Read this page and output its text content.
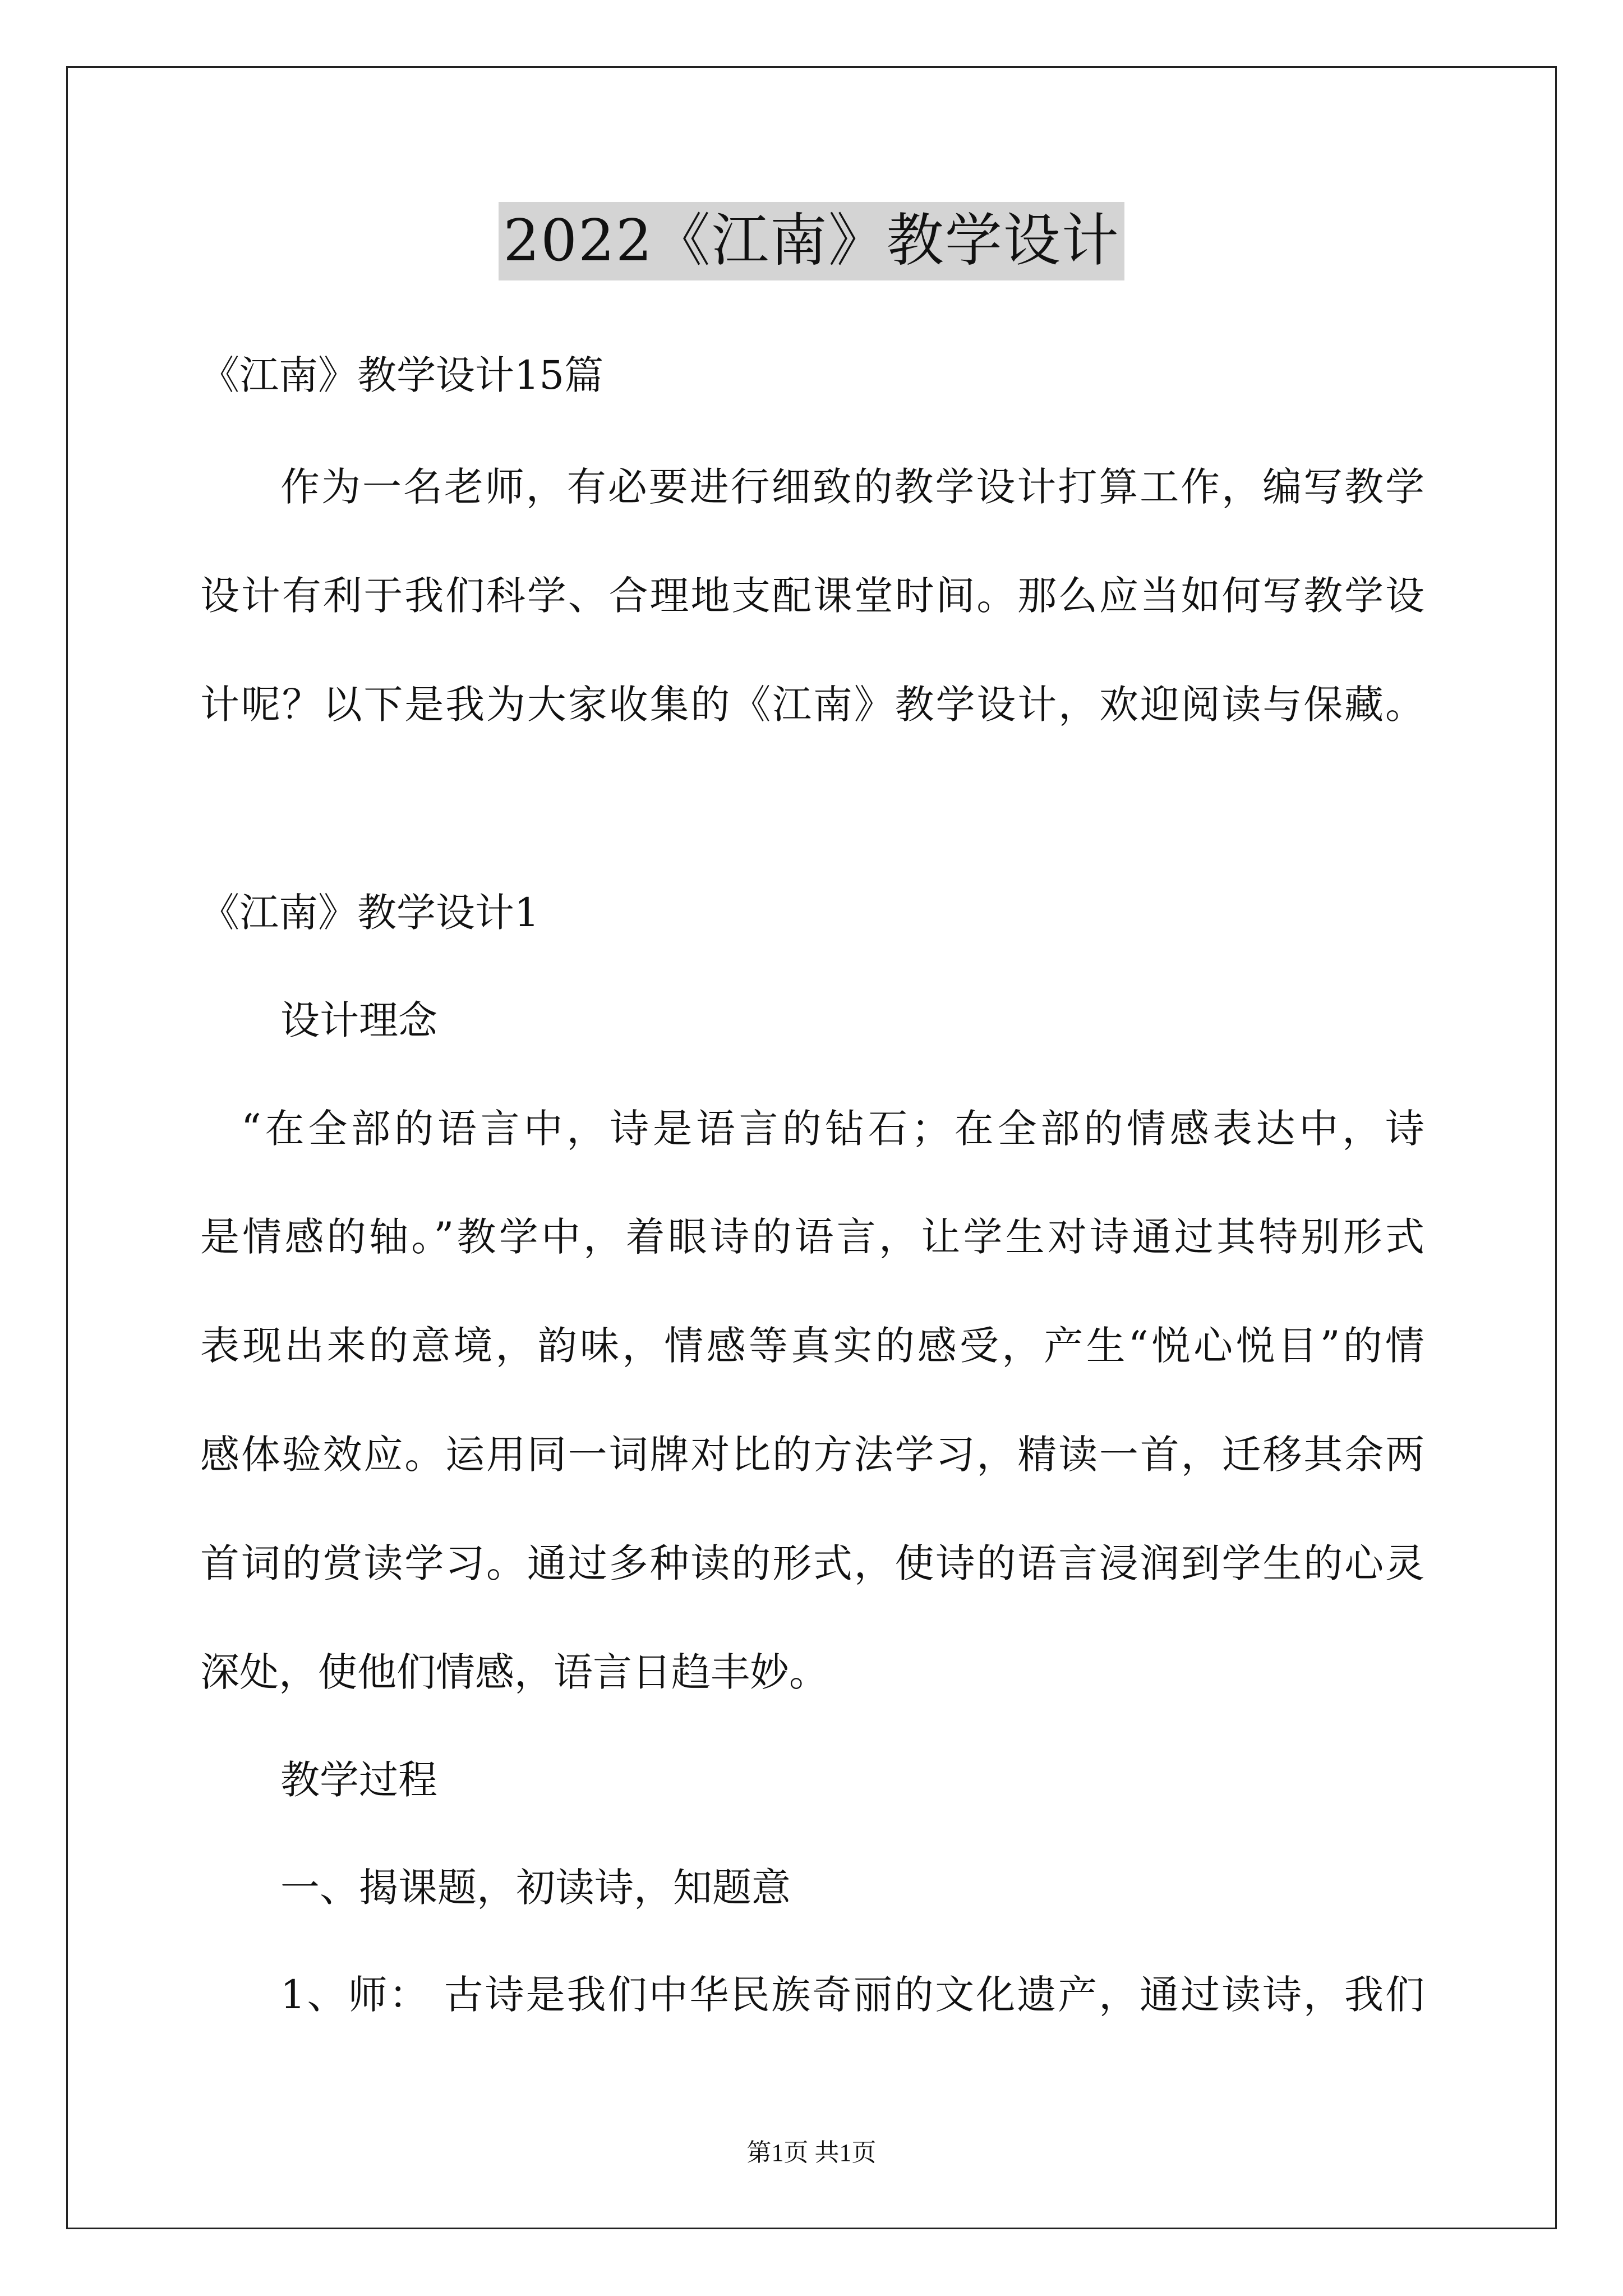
2022《江南》教学设计
《江南》教学设计15篇
作为一名老师，有必要进行细致的教学设计打算工作，编写教学
设计有利于我们科学、合理地支配课堂时间。那么应当如何写教学设
计呢？以下是我为大家收集的《江南》教学设计，欢迎阅读与保藏。
《江南》教学设计1
设计理念
“在全部的语言中，诗是语言的钻石；在全部的情感表达中，诗
是情感的轴。”教学中，着眼诗的语言，让学生对诗通过其特别形式
表现出来的意境，韵味，情感等真实的感受，产生“悦心悦目”的情
感体验效应。运用同一词牌对比的方法学习，精读一首，迁移其余两
首词的赏读学习。通过多种读的形式，使诗的语言浸润到学生的心灵
深处，使他们情感，语言日趋丰妙。
教学过程
一、揭课题，初读诗，知题意
1、师： 古诗是我们中华民族奇丽的文化遗产，通过读诗，我们
第1页 共1页
